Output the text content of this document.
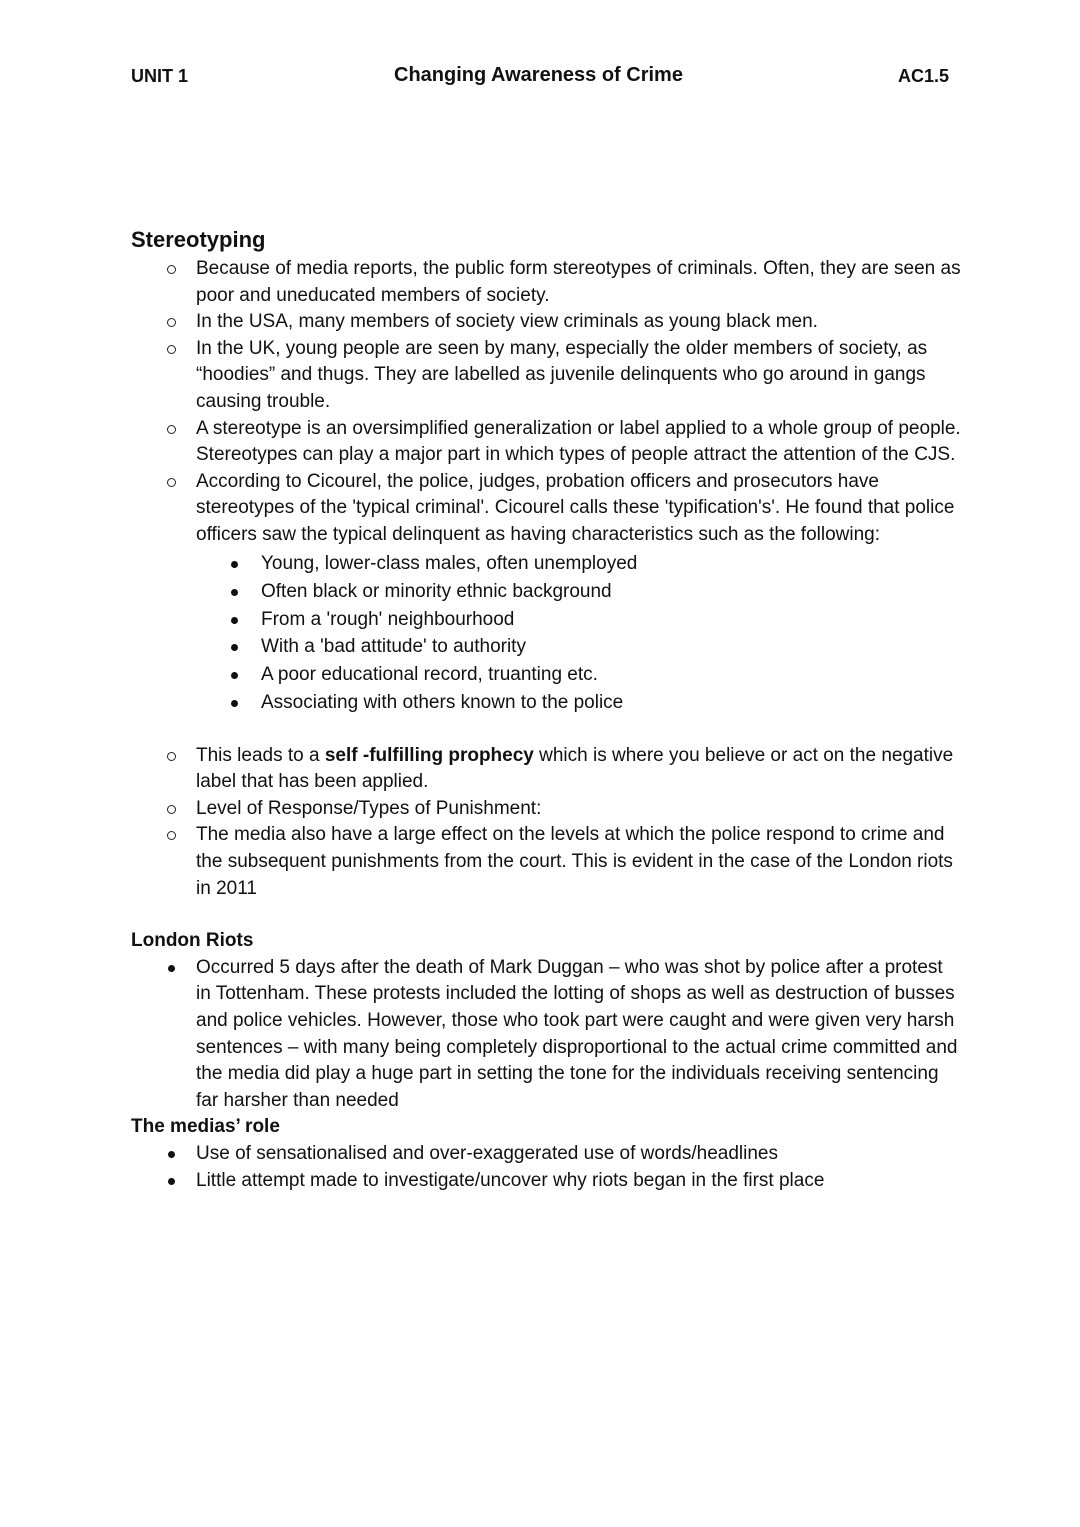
UNIT 1	Changing Awareness of Crime	AC1.5
Stereotyping
Because of media reports, the public form stereotypes of criminals. Often, they are seen as poor and uneducated members of society.
In the USA, many members of society view criminals as young black men.
In the UK, young people are seen by many, especially the older members of society, as “hoodies” and thugs. They are labelled as juvenile delinquents who go around in gangs causing trouble.
A stereotype is an oversimplified generalization or label applied to a whole group of people. Stereotypes can play a major part in which types of people attract the attention of the CJS.
According to Cicourel, the police, judges, probation officers and prosecutors have stereotypes of the 'typical criminal'. Cicourel calls these 'typification's'. He found that police officers saw the typical delinquent as having characteristics such as the following:
Young, lower-class males, often unemployed
Often black or minority ethnic background
From a 'rough' neighbourhood
With a 'bad attitude' to authority
A poor educational record, truanting etc.
Associating with others known to the police
This leads to a self -fulfilling prophecy which is where you believe or act on the negative label that has been applied.
Level of Response/Types of Punishment:
The media also have a large effect on the levels at which the police respond to crime and the subsequent punishments from the court. This is evident in the case of the London riots in 2011
London Riots
Occurred 5 days after the death of Mark Duggan – who was shot by police after a protest in Tottenham. These protests included the lotting of shops as well as destruction of busses and police vehicles. However, those who took part were caught and were given very harsh sentences – with many being completely disproportional to the actual crime committed and the media did play a huge part in setting the tone for the individuals receiving sentencing far harsher than needed
The medias’ role
Use of sensationalised and over-exaggerated use of words/headlines
Little attempt made to investigate/uncover why riots began in the first place
